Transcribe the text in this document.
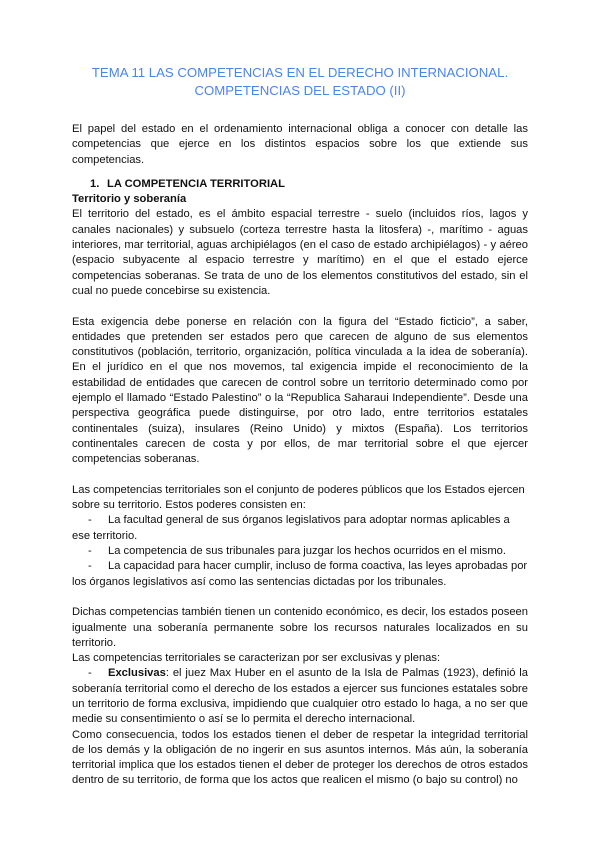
TEMA 11 LAS COMPETENCIAS EN EL DERECHO INTERNACIONAL.
COMPETENCIAS DEL ESTADO (II)

El papel del estado en el ordenamiento internacional obliga a conocer con detalle las competencias que ejerce en los distintos espacios sobre los que extiende sus competencias.

1. LA COMPETENCIA TERRITORIAL
Territorio y soberanía

El territorio del estado, es el ámbito espacial terrestre - suelo (incluidos ríos, lagos y canales nacionales) y subsuelo (corteza terrestre hasta la litosfera) -, marítimo - aguas interiores, mar territorial, aguas archipiélagos (en el caso de estado archipiélagos) - y aéreo (espacio subyacente al espacio terrestre y marítimo) en el que el estado ejerce competencias soberanas. Se trata de uno de los elementos constitutivos del estado, sin el cual no puede concebirse su existencia.

Esta exigencia debe ponerse en relación con la figura del “Estado ficticio”, a saber, entidades que pretenden ser estados pero que carecen de alguno de sus elementos constitutivos (población, territorio, organización, política vinculada a la idea de soberanía). En el jurídico en el que nos movemos, tal exigencia impide el reconocimiento de la estabilidad de entidades que carecen de control sobre un territorio determinado como por ejemplo el llamado “Estado Palestino” o la “Republica Saharaui Independiente”. Desde una perspectiva geográfica puede distinguirse, por otro lado, entre territorios estatales continentales (suiza), insulares (Reino Unido) y mixtos (España). Los territorios continentales carecen de costa y por ellos, de mar territorial sobre el que ejercer competencias soberanas.

Las competencias territoriales son el conjunto de poderes públicos que los Estados ejercen sobre su territorio. Estos poderes consisten en:

- La facultad general de sus órganos legislativos para adoptar normas aplicables a ese territorio.
- La competencia de sus tribunales para juzgar los hechos ocurridos en el mismo.
- La capacidad para hacer cumplir, incluso de forma coactiva, las leyes aprobadas por los órganos legislativos así como las sentencias dictadas por los tribunales.

Dichas competencias también tienen un contenido económico, es decir, los estados poseen igualmente una soberanía permanente sobre los recursos naturales localizados en su territorio.

Las competencias territoriales se caracterizan por ser exclusivas y plenas:

- Exclusivas: el juez Max Huber en el asunto de la Isla de Palmas (1923), definió la soberanía territorial como el derecho de los estados a ejercer sus funciones estatales sobre un territorio de forma exclusiva, impidiendo que cualquier otro estado lo haga, a no ser que medie su consentimiento o así se lo permita el derecho internacional.

Como consecuencia, todos los estados tienen el deber de respetar la integridad territorial de los demás y la obligación de no ingerir en sus asuntos internos. Más aún, la soberanía territorial implica que los estados tienen el deber de proteger los derechos de otros estados dentro de su territorio, de forma que los actos que realicen el mismo (o bajo su control) no
